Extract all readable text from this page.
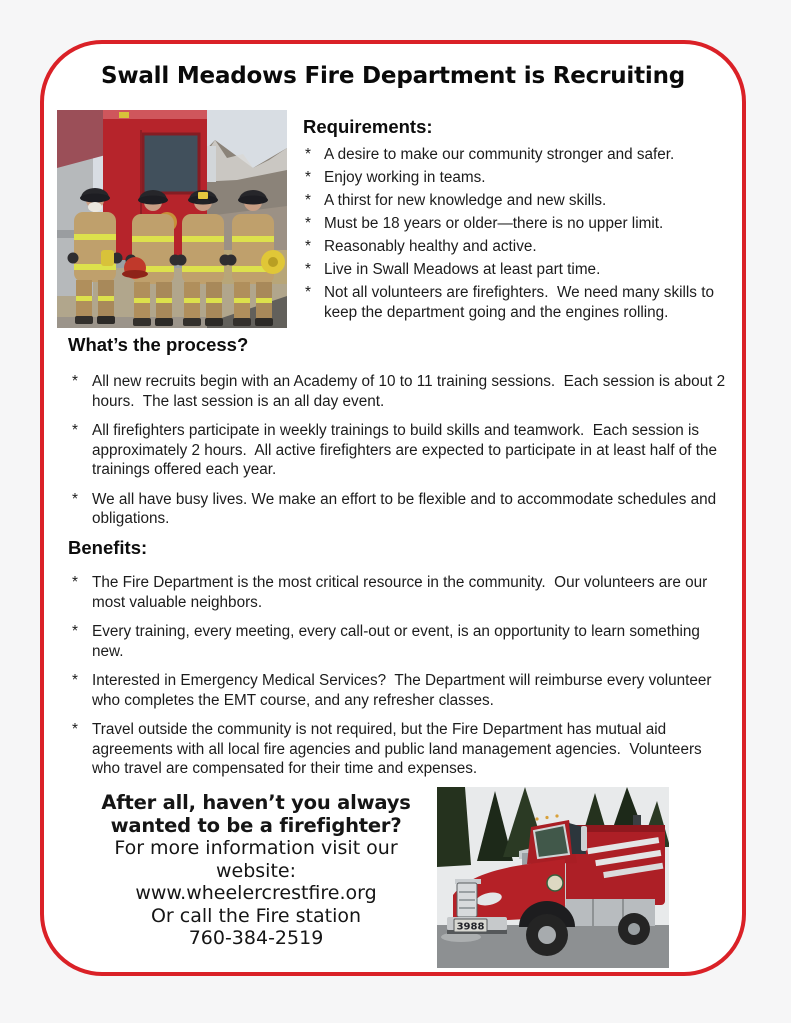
Swall Meadows Fire Department is Recruiting
Requirements:
* A desire to make our community stronger and safer.
* Enjoy working in teams.
* A thirst for new knowledge and new skills.
* Must be 18 years or older—there is no upper limit.
* Reasonably healthy and active.
* Live in Swall Meadows at least part time.
* Not all volunteers are firefighters.  We need many skills to keep the department going and the engines rolling.
What’s the process?
* All new recruits begin with an Academy of 10 to 11 training sessions.  Each session is about 2 hours.  The last session is an all day event.
* All firefighters participate in weekly trainings to build skills and teamwork.  Each session is approximately 2 hours.  All active firefighters are expected to participate in at least half of the trainings offered each year.
* We all have busy lives. We make an effort to be flexible and to accommodate schedules and obligations.
Benefits:
* The Fire Department is the most critical resource in the community.  Our volunteers are our most valuable neighbors.
* Every training, every meeting, every call-out or event, is an opportunity to learn something new.
* Interested in Emergency Medical Services?  The Department will reimburse every volunteer who completes the EMT course, and any refresher classes.
* Travel outside the community is not required, but the Fire Department has mutual aid agreements with all local fire agencies and public land management agencies.  Volunteers who travel are compensated for their time and expenses.
After all, haven’t you always
wanted to be a firefighter?
For more information visit our
website:
www.wheelercrestfire.org
Or call the Fire station
760-384-2519	3988
